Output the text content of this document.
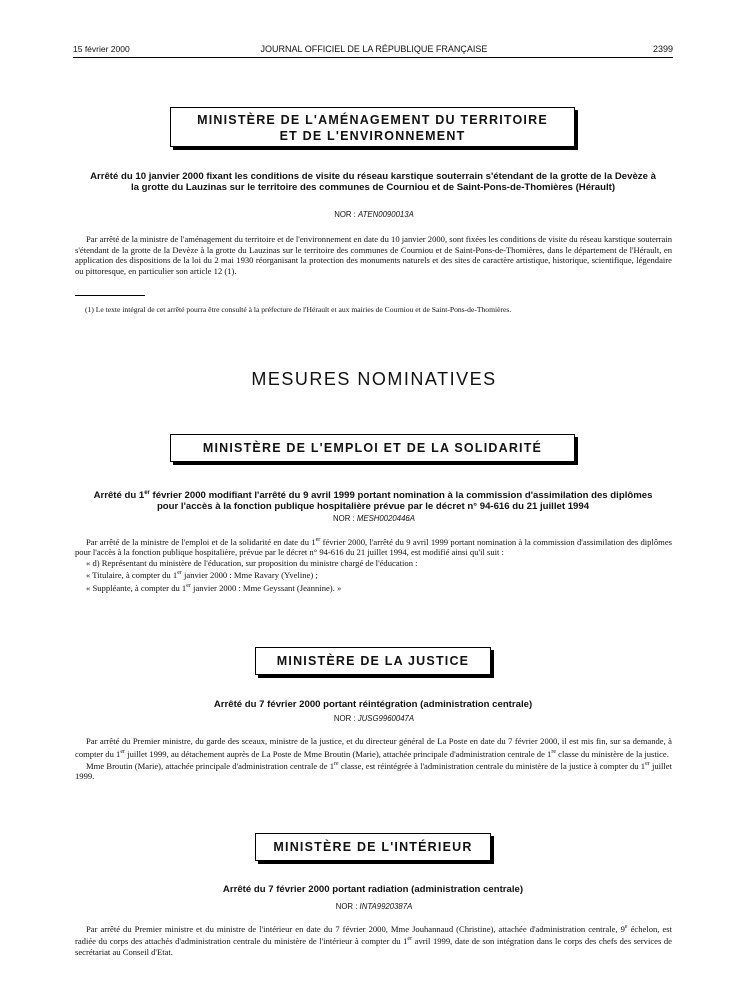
15 février 2000	JOURNAL OFFICIEL DE LA RÉPUBLIQUE FRANÇAISE	2399
MINISTÈRE DE L'AMÉNAGEMENT DU TERRITOIRE
ET DE L'ENVIRONNEMENT
Arrêté du 10 janvier 2000 fixant les conditions de visite du réseau karstique souterrain s'étendant de la grotte de la Devèze à la grotte du Lauzinas sur le territoire des communes de Courniou et de Saint-Pons-de-Thomières (Hérault)
NOR : ATEN0090013A

Par arrêté de la ministre de l'aménagement du territoire et de l'environnement en date du 10 janvier 2000, sont fixées les conditions de visite du réseau karstique souterrain s'étendant de la grotte de la Devèze à la grotte du Lauzinas sur le territoire des communes de Courniou et de Saint-Pons-de-Thomières, dans le département de l'Hérault, en application des dispositions de la loi du 2 mai 1930 réorganisant la protection des monuments naturels et des sites de caractère artistique, historique, scientifique, légendaire ou pittoresque, en particulier son article 12 (1).

(1) Le texte intégral de cet arrêté pourra être consulté à la préfecture de l'Hérault et aux mairies de Courniou et de Saint-Pons-de-Thomières.
MESURES NOMINATIVES
MINISTÈRE DE L'EMPLOI ET DE LA SOLIDARITÉ
Arrêté du 1er février 2000 modifiant l'arrêté du 9 avril 1999 portant nomination à la commission d'assimilation des diplômes pour l'accès à la fonction publique hospitalière prévue par le décret n° 94-616 du 21 juillet 1994
NOR : MESH0020446A

Par arrêté de la ministre de l'emploi et de la solidarité en date du 1er février 2000, l'arrêté du 9 avril 1999 portant nomination à la commission d'assimilation des diplômes pour l'accès à la fonction publique hospitalière, prévue par le décret n° 94-616 du 21 juillet 1994, est modifié ainsi qu'il suit :

« d) Représentant du ministère de l'éducation, sur proposition du ministre chargé de l'éducation :

« Titulaire, à compter du 1er janvier 2000 : Mme Ravary (Yveline) ;

« Suppléante, à compter du 1er janvier 2000 : Mme Geyssant (Jeannine). »

MINISTÈRE DE LA JUSTICE
Arrêté du 7 février 2000 portant réintégration (administration centrale)
NOR : JUSG9960047A

Par arrêté du Premier ministre, du garde des sceaux, ministre de la justice, et du directeur général de La Poste en date du 7 février 2000, il est mis fin, sur sa demande, à compter du 1er juillet 1999, au détachement auprès de La Poste de Mme Broutin (Marie), attachée principale d'administration centrale de 1re classe du ministère de la justice.

Mme Broutin (Marie), attachée principale d'administration centrale de 1re classe, est réintégrée à l'administration centrale du ministère de la justice à compter du 1er juillet 1999.

MINISTÈRE DE L'INTÉRIEUR
Arrêté du 7 février 2000 portant radiation (administration centrale)
NOR : INTA9920387A

Par arrêté du Premier ministre et du ministre de l'intérieur en date du 7 février 2000, Mme Jouhannaud (Christine), attachée d'administration centrale, 9e échelon, est radiée du corps des attachés d'administration centrale du ministère de l'intérieur à compter du 1er avril 1999, date de son intégration dans le corps des chefs des services de secrétariat au Conseil d'Etat.
